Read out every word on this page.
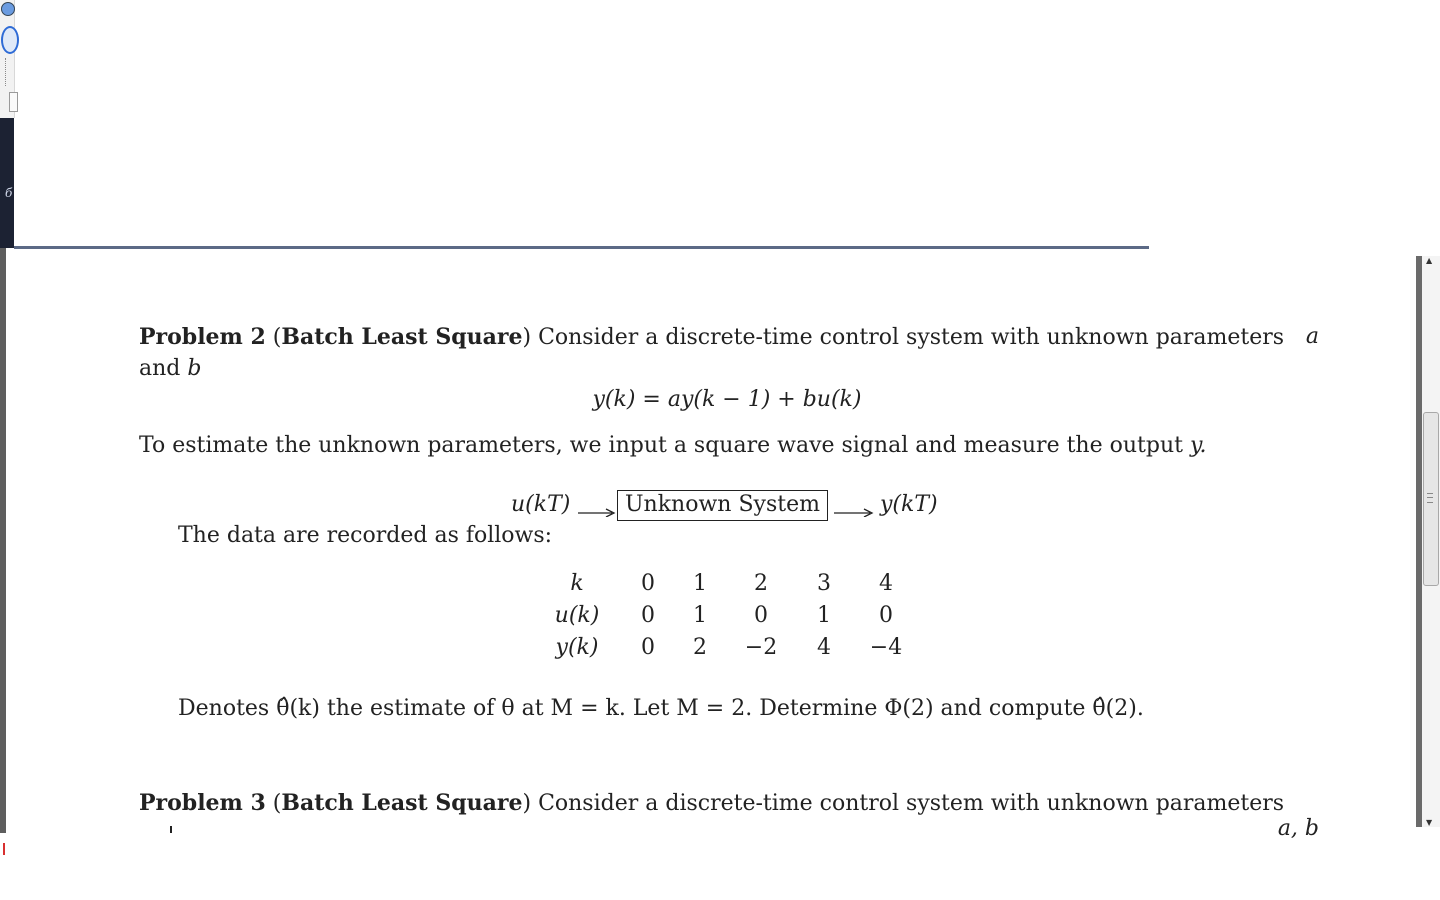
б
▲
▼
Problem 2 (Batch Least Square) Consider a discrete-time control system with unknown parameters a
and b
y(k) = ay(k − 1) + bu(k)
To estimate the unknown parameters, we input a square wave signal and measure the output y.
u(kT)	Unknown System	y(kT)
The data are recorded as follows:
k	0	1	2	3	4
u(k)	0	1	0	1	0
y(k)	0	2	−2	4	−4
Denotes θ̂(k) the estimate of θ at M = k. Let M = 2. Determine Φ(2) and compute θ̂(2).
Problem 3 (Batch Least Square) Consider a discrete-time control system with unknown parameters
a, b
